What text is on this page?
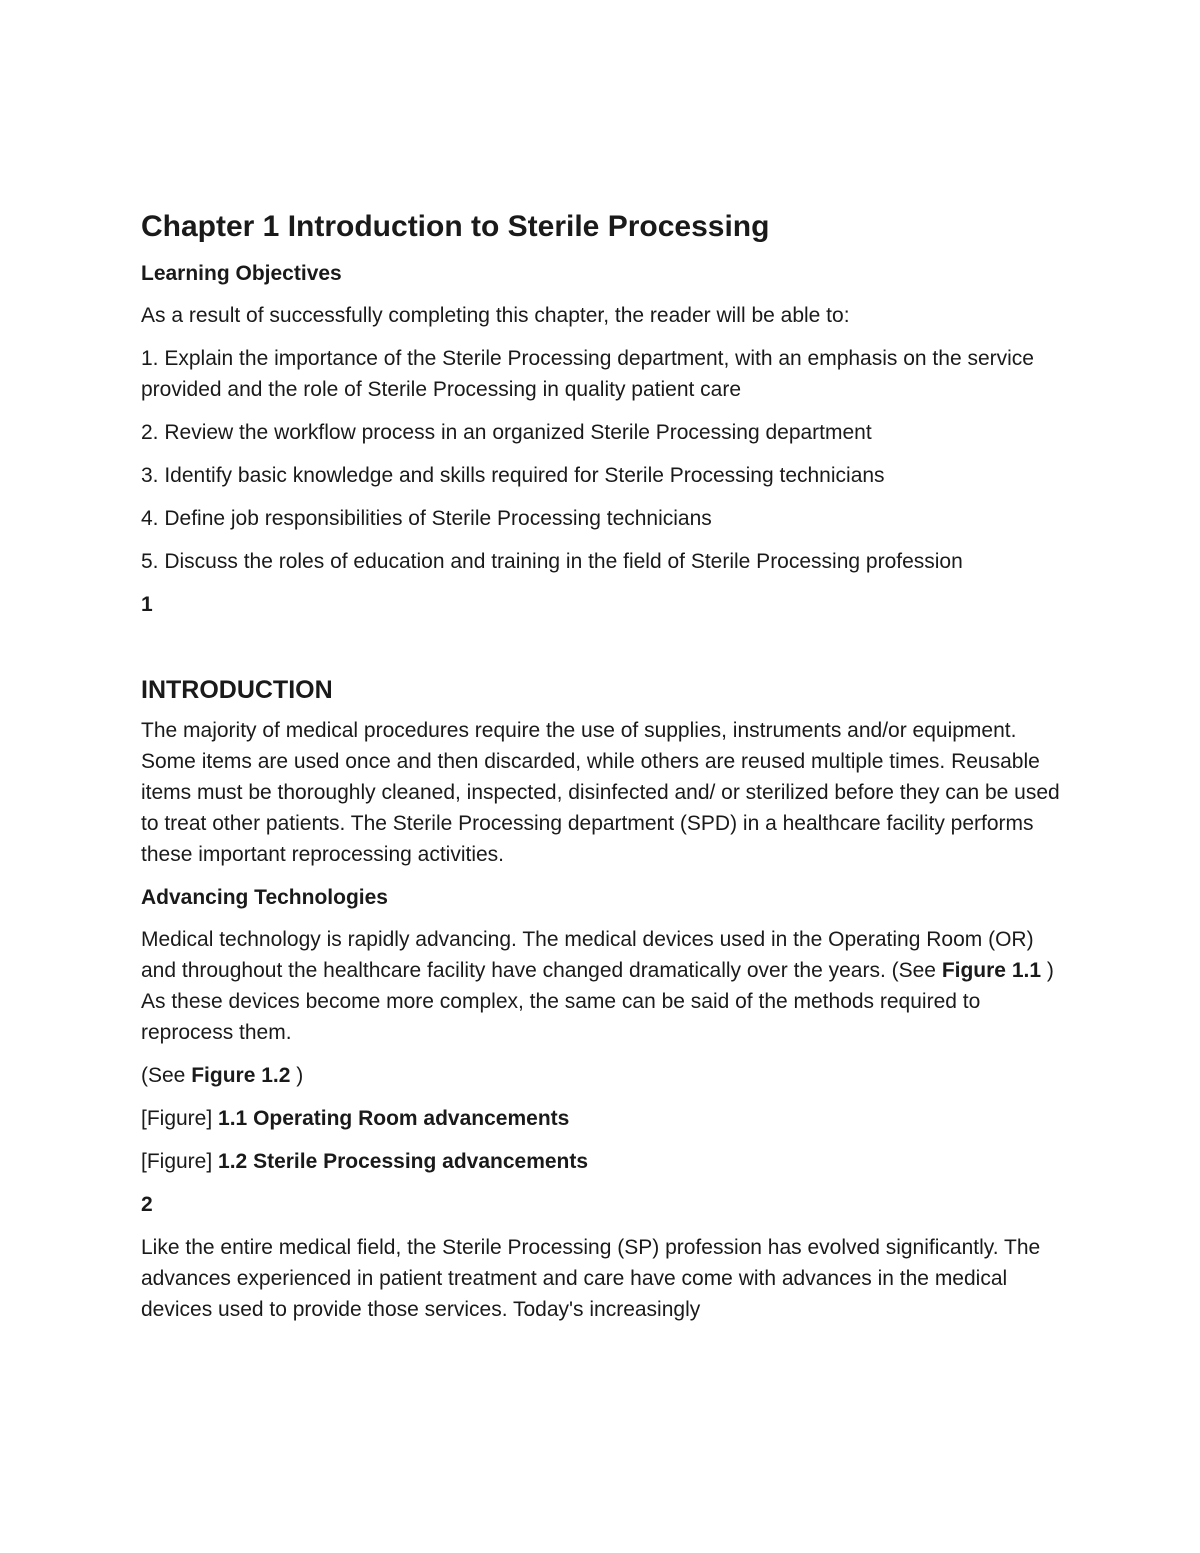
Chapter 1 Introduction to Sterile Processing
Learning Objectives

As a result of successfully completing this chapter, the reader will be able to:

1. Explain the importance of the Sterile Processing department, with an emphasis on the service provided and the role of Sterile Processing in quality patient care

2. Review the workflow process in an organized Sterile Processing department

3. Identify basic knowledge and skills required for Sterile Processing technicians

4. Define job responsibilities of Sterile Processing technicians

5. Discuss the roles of education and training in the field of Sterile Processing profession

1

INTRODUCTION

The majority of medical procedures require the use of supplies, instruments and/or equipment. Some items are used once and then discarded, while others are reused multiple times. Reusable items must be thoroughly cleaned, inspected, disinfected and/ or sterilized before they can be used to treat other patients. The Sterile Processing department (SPD) in a healthcare facility performs these important reprocessing activities.

Advancing Technologies

Medical technology is rapidly advancing. The medical devices used in the Operating Room (OR) and throughout the healthcare facility have changed dramatically over the years. (See Figure 1.1 ) As these devices become more complex, the same can be said of the methods required to reprocess them.

(See Figure 1.2 )

[Figure] 1.1 Operating Room advancements

[Figure] 1.2 Sterile Processing advancements

2

Like the entire medical field, the Sterile Processing (SP) profession has evolved significantly. The advances experienced in patient treatment and care have come with advances in the medical devices used to provide those services. Today's increasingly
